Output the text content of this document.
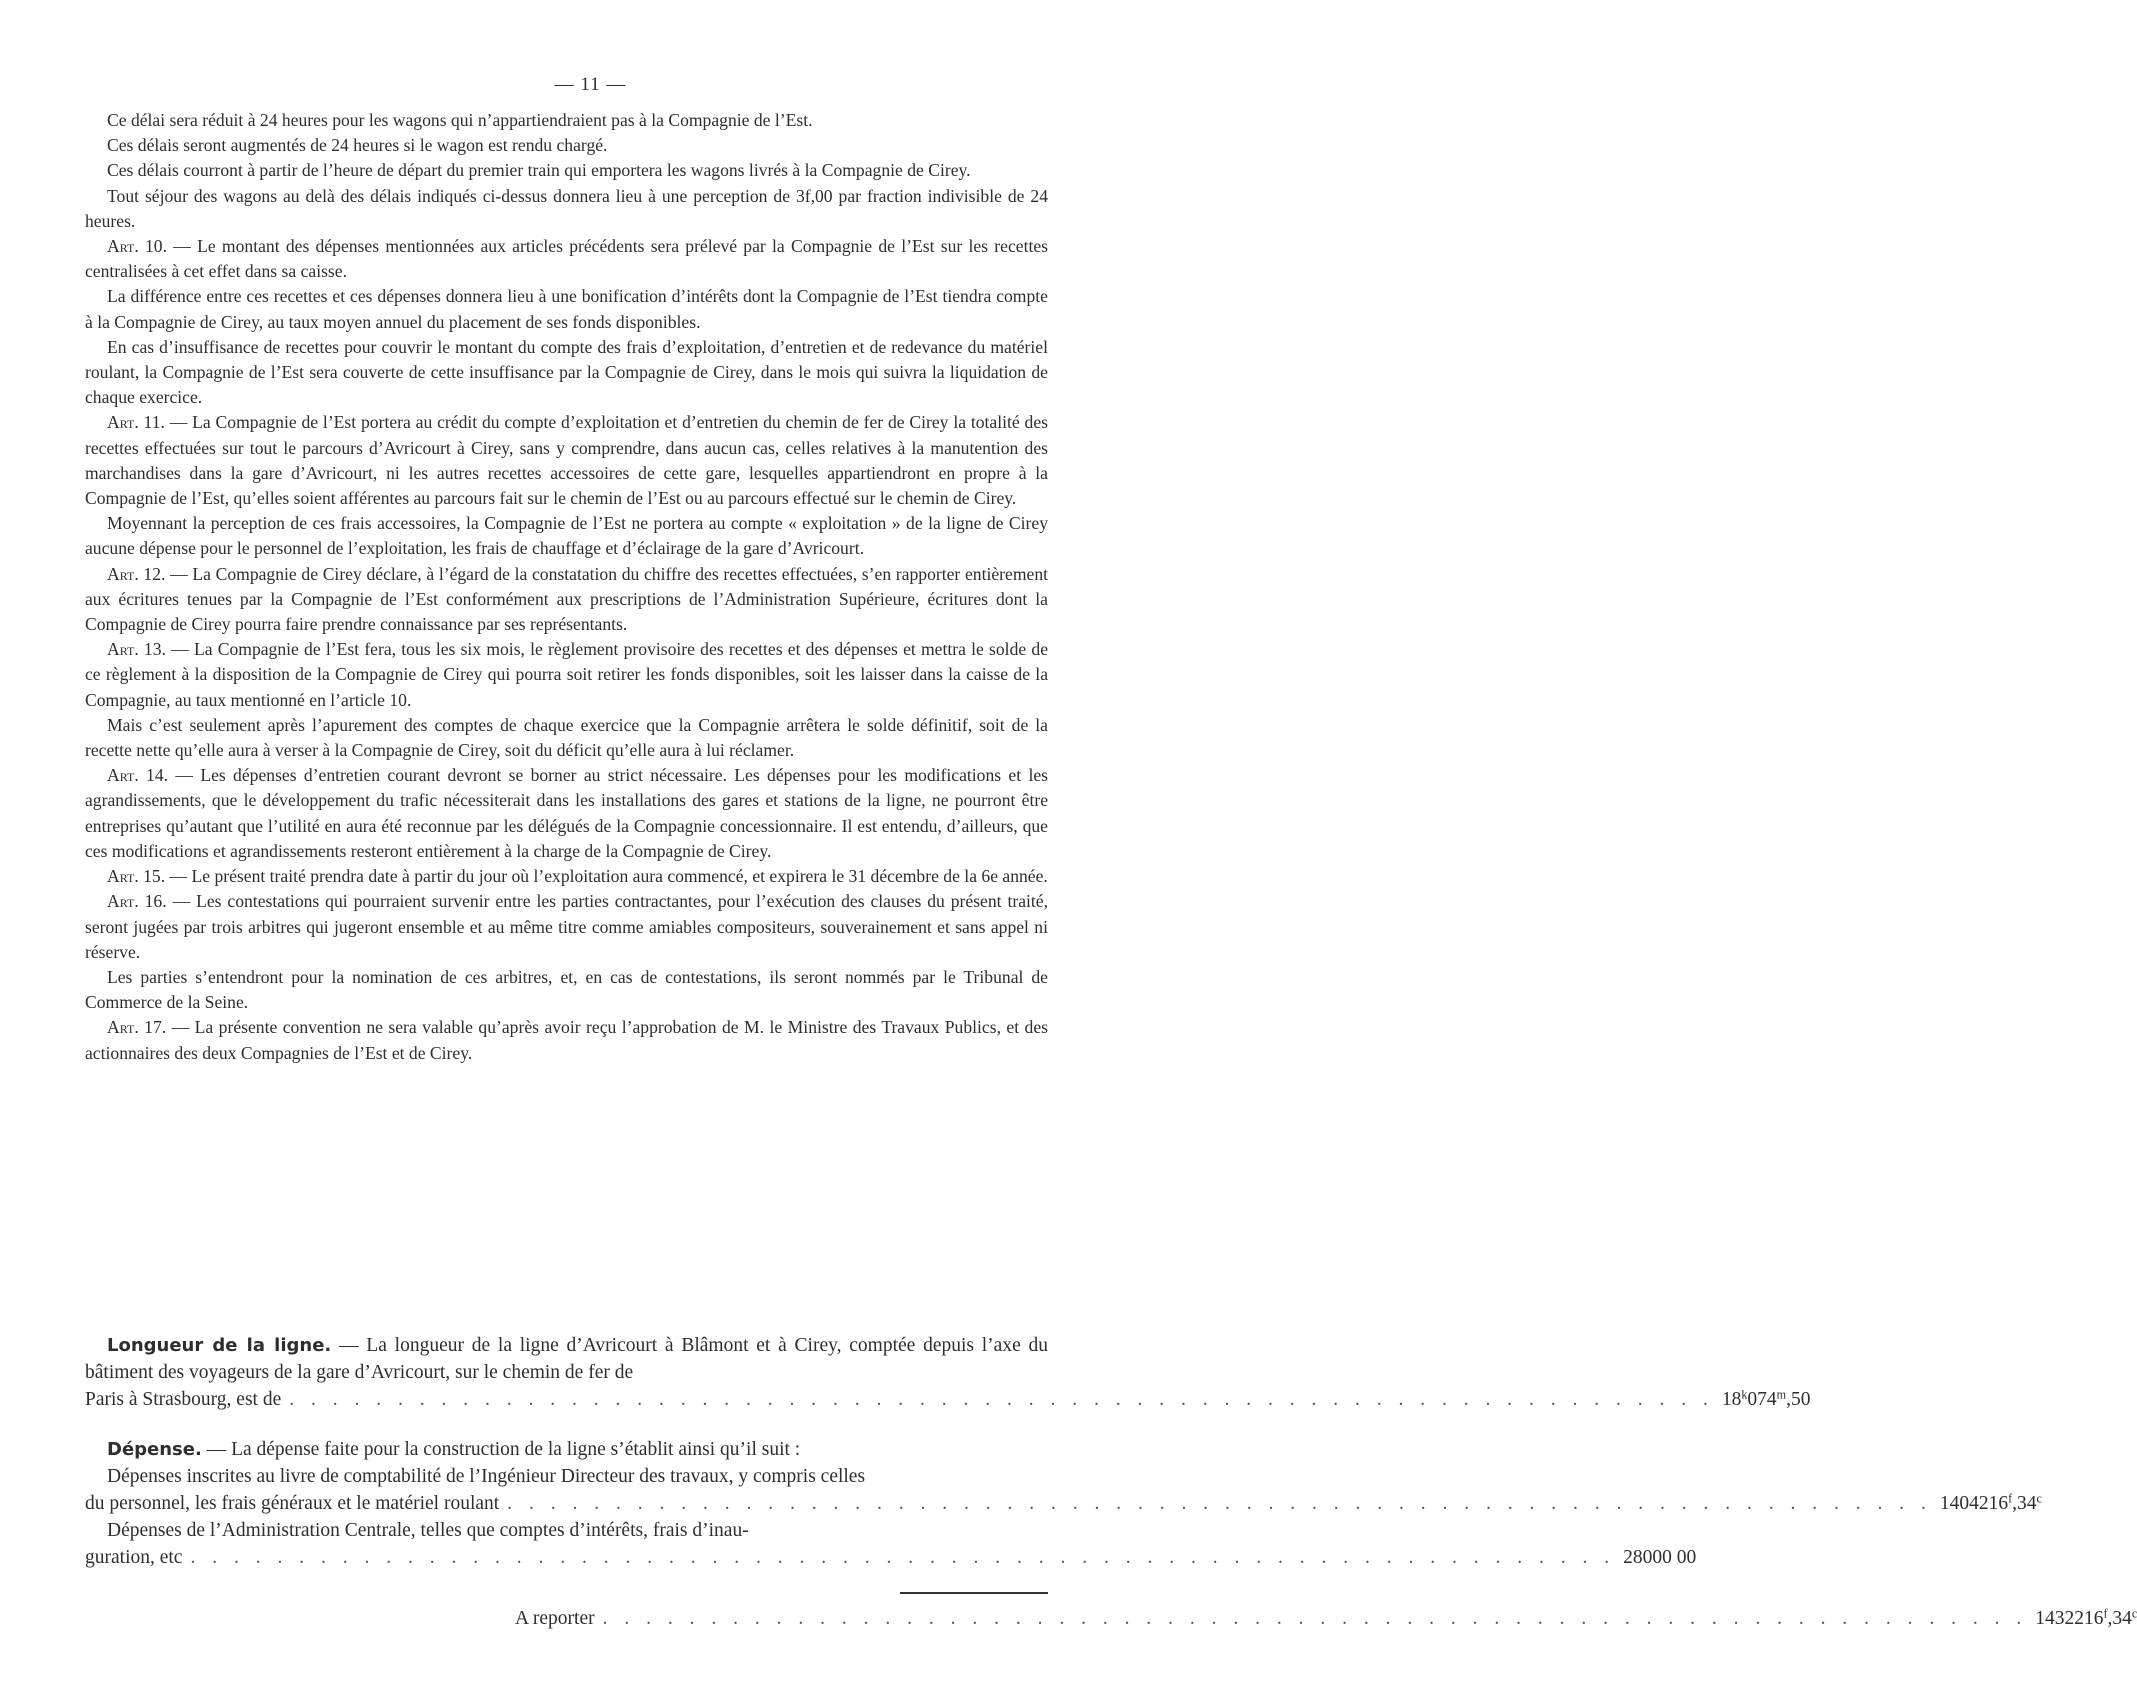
— 11 —

Ce délai sera réduit à 24 heures pour les wagons qui n’appartiendraient pas à la Compagnie de l’Est.

Ces délais seront augmentés de 24 heures si le wagon est rendu chargé.

Ces délais courront à partir de l’heure de départ du premier train qui emportera les wagons livrés à la Compagnie de Cirey.

Tout séjour des wagons au delà des délais indiqués ci-dessus donnera lieu à une perception de 3f,00 par fraction indivisible de 24 heures.

Art. 10. — Le montant des dépenses mentionnées aux articles précédents sera prélevé par la Compagnie de l’Est sur les recettes centralisées à cet effet dans sa caisse.

La différence entre ces recettes et ces dépenses donnera lieu à une bonification d’intérêts dont la Compagnie de l’Est tiendra compte à la Compagnie de Cirey, au taux moyen annuel du placement de ses fonds disponibles.

En cas d’insuffisance de recettes pour couvrir le montant du compte des frais d’exploitation, d’entretien et de redevance du matériel roulant, la Compagnie de l’Est sera couverte de cette insuffisance par la Compagnie de Cirey, dans le mois qui suivra la liquidation de chaque exercice.

Art. 11. — La Compagnie de l’Est portera au crédit du compte d’exploitation et d’entretien du chemin de fer de Cirey la totalité des recettes effectuées sur tout le parcours d’Avricourt à Cirey, sans y comprendre, dans aucun cas, celles relatives à la manutention des marchandises dans la gare d’Avricourt, ni les autres recettes accessoires de cette gare, lesquelles appartiendront en propre à la Compagnie de l’Est, qu’elles soient afférentes au parcours fait sur le chemin de l’Est ou au parcours effectué sur le chemin de Cirey.

Moyennant la perception de ces frais accessoires, la Compagnie de l’Est ne portera au compte « exploitation » de la ligne de Cirey aucune dépense pour le personnel de l’exploitation, les frais de chauffage et d’éclairage de la gare d’Avricourt.

Art. 12. — La Compagnie de Cirey déclare, à l’égard de la constatation du chiffre des recettes effectuées, s’en rapporter entièrement aux écritures tenues par la Compagnie de l’Est conformément aux prescriptions de l’Administration Supérieure, écritures dont la Compagnie de Cirey pourra faire prendre connaissance par ses représentants.

Art. 13. — La Compagnie de l’Est fera, tous les six mois, le règlement provisoire des recettes et des dépenses et mettra le solde de ce règlement à la disposition de la Compagnie de Cirey qui pourra soit retirer les fonds disponibles, soit les laisser dans la caisse de la Compagnie, au taux mentionné en l’article 10.

Mais c’est seulement après l’apurement des comptes de chaque exercice que la Compagnie arrêtera le solde définitif, soit de la recette nette qu’elle aura à verser à la Compagnie de Cirey, soit du déficit qu’elle aura à lui réclamer.

Art. 14. — Les dépenses d’entretien courant devront se borner au strict nécessaire. Les dépenses pour les modifications et les agrandissements, que le développement du trafic nécessiterait dans les installations des gares et stations de la ligne, ne pourront être entreprises qu’autant que l’utilité en aura été reconnue par les délégués de la Compagnie concessionnaire. Il est entendu, d’ailleurs, que ces modifications et agrandissements resteront entièrement à la charge de la Compagnie de Cirey.

Art. 15. — Le présent traité prendra date à partir du jour où l’exploitation aura commencé, et expirera le 31 décembre de la 6e année.

Art. 16. — Les contestations qui pourraient survenir entre les parties contractantes, pour l’exécution des clauses du présent traité, seront jugées par trois arbitres qui jugeront ensemble et au même titre comme amiables compositeurs, souverainement et sans appel ni réserve.

Les parties s’entendront pour la nomination de ces arbitres, et, en cas de contestations, ils seront nommés par le Tribunal de Commerce de la Seine.

Art. 17. — La présente convention ne sera valable qu’après avoir reçu l’approbation de M. le Ministre des Travaux Publics, et des actionnaires des deux Compagnies de l’Est et de Cirey.

Longueur de la ligne. — La longueur de la ligne d’Avricourt à Blâmont et à Cirey, comptée depuis l’axe du bâtiment des voyageurs de la gare d’Avricourt, sur le chemin de fer de

Paris à Strasbourg, est de . . . . . . . . . . . . . . . . . . . . . . . . . . . . . . . . . . . . . . . . . . . . . . . . . . . . . . . . . . . . . . . . . . 18$^k$074$^m$,50

Dépense. — La dépense faite pour la construction de la ligne s’établit ainsi qu’il suit :

Dépenses inscrites au livre de comptabilité de l’Ingénieur Directeur des travaux, y compris celles

du personnel, les frais généraux et le matériel roulant . . . . . . . . . . . . . . . . . . . . . . . . . . . . . . . . . . . . . . . . . . . . . . . . . . . . . . . . . . . . . . . . . . 1404216$^f$,34$^c$

Dépenses de l’Administration Centrale, telles que comptes d’intérêts, frais d’inau-

guration, etc . . . . . . . . . . . . . . . . . . . . . . . . . . . . . . . . . . . . . . . . . . . . . . . . . . . . . . . . . . . . . . . . . . 28000 00
A reporter . . . . . . . . . . . . . . . . . . . . . . . . . . . . . . . . . . . . . . . . . . . . . . . . . . . . . . . . . . . . . . . . . . 1432216$^f$,34$^c$
